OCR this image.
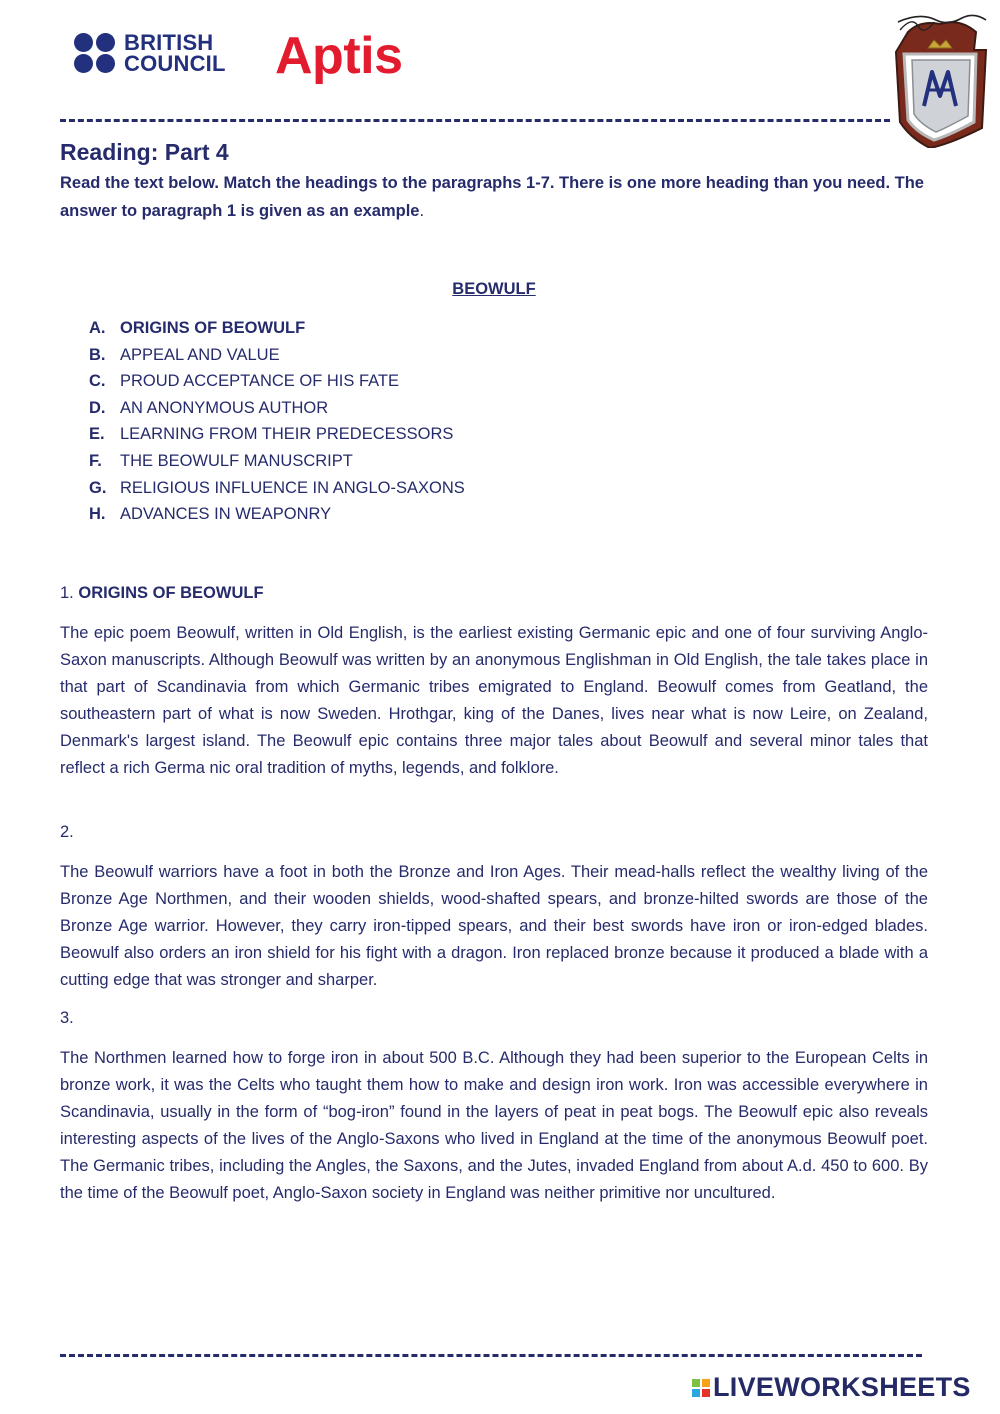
BRITISH
COUNCIL Aptis
Reading: Part 4
Read the text below. Match the headings to the paragraphs 1-7. There is one more heading than you need. The answer to paragraph 1 is given as an example.
BEOWULF
A. ORIGINS OF BEOWULF
B. APPEAL AND VALUE
C. PROUD ACCEPTANCE OF HIS FATE
D. AN ANONYMOUS AUTHOR
E. LEARNING FROM THEIR PREDECESSORS
F.	THE BEOWULF MANUSCRIPT
G. RELIGIOUS INFLUENCE IN ANGLO-SAXONS
H. ADVANCES IN WEAPONRY
1. ORIGINS OF BEOWULF

The epic poem Beowulf, written in Old English, is the earliest existing Germanic epic and one of four surviving Anglo-Saxon manuscripts. Although Beowulf was written by an anonymous Englishman in Old English, the tale takes place in that part of Scandinavia from which Germanic tribes emigrated to England. Beowulf comes from Geatland, the southeastern part of what is now Sweden. Hrothgar, king of the Danes, lives near what is now Leire, on Zealand, Denmark's largest island. The Beowulf epic contains three major tales about Beowulf and several minor tales that reflect a rich Germa nic oral tradition of myths, legends, and folklore.

2.

The Beowulf warriors have a foot in both the Bronze and Iron Ages. Their mead-halls reflect the wealthy living of the Bronze Age Northmen, and their wooden shields, wood-shafted spears, and bronze-hilted swords are those of the Bronze Age warrior. However, they carry iron-tipped spears, and their best swords have iron or iron-edged blades. Beowulf also orders an iron shield for his fight with a dragon. Iron replaced bronze because it produced a blade with a cutting edge that was stronger and sharper.

3.

The Northmen learned how to forge iron in about 500 B.C. Although they had been superior to the European Celts in bronze work, it was the Celts who taught them how to make and design iron work. Iron was accessible everywhere in Scandinavia, usually in the form of “bog-iron” found in the layers of peat in peat bogs. The Beowulf epic also reveals interesting aspects of the lives of the Anglo-Saxons who lived in England at the time of the anonymous Beowulf poet. The Germanic tribes, including the Angles, the Saxons, and the Jutes, invaded England from about A.d. 450 to 600. By the time of the Beowulf poet, Anglo-Saxon society in England was neither primitive nor uncultured.

LIVEWORKSHEETS
